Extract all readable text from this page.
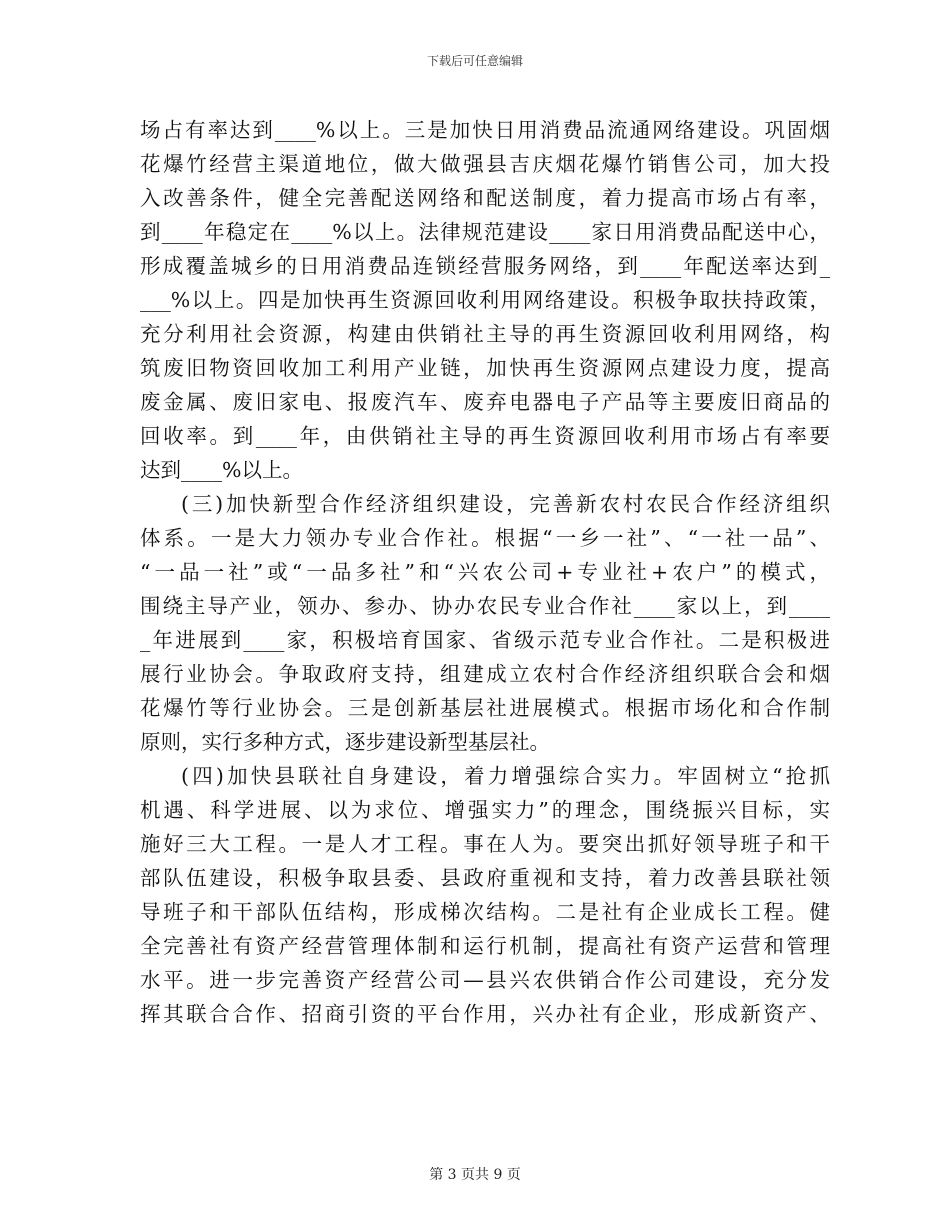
下载后可任意编辑
场占有率达到____%以上。三是加快日用消费品流通网络建设。巩固烟
花爆竹经营主渠道地位，做大做强县吉庆烟花爆竹销售公司，加大投
入改善条件，健全完善配送网络和配送制度，着力提高市场占有率，
到____年稳定在____%以上。法律规范建设____家日用消费品配送中心，
形成覆盖城乡的日用消费品连锁经营服务网络，到____年配送率达到_
___%以上。四是加快再生资源回收利用网络建设。积极争取扶持政策，
充分利用社会资源，构建由供销社主导的再生资源回收利用网络，构
筑废旧物资回收加工利用产业链，加快再生资源网点建设力度，提高
废金属、废旧家电、报废汽车、废弃电器电子产品等主要废旧商品的
回收率。到____年，由供销社主导的再生资源回收利用市场占有率要
达到____%以上。
(三)加快新型合作经济组织建设，完善新农村农民合作经济组织
体系。一是大力领办专业合作社。根据“一乡一社”、“一社一品”、
“一品一社”或“一品多社”和“兴农公司+专业社+农户”的模式，
围绕主导产业，领办、参办、协办农民专业合作社____家以上，到____
_年进展到____家，积极培育国家、省级示范专业合作社。二是积极进
展行业协会。争取政府支持，组建成立农村合作经济组织联合会和烟
花爆竹等行业协会。三是创新基层社进展模式。根据市场化和合作制
原则，实行多种方式，逐步建设新型基层社。
(四)加快县联社自身建设，着力增强综合实力。牢固树立“抢抓
机遇、科学进展、以为求位、增强实力”的理念，围绕振兴目标，实
施好三大工程。一是人才工程。事在人为。要突出抓好领导班子和干
部队伍建设，积极争取县委、县政府重视和支持，着力改善县联社领
导班子和干部队伍结构，形成梯次结构。二是社有企业成长工程。健
全完善社有资产经营管理体制和运行机制，提高社有资产运营和管理
水平。进一步完善资产经营公司—县兴农供销合作公司建设，充分发
挥其联合合作、招商引资的平台作用，兴办社有企业，形成新资产、
第 3 页共 9 页
